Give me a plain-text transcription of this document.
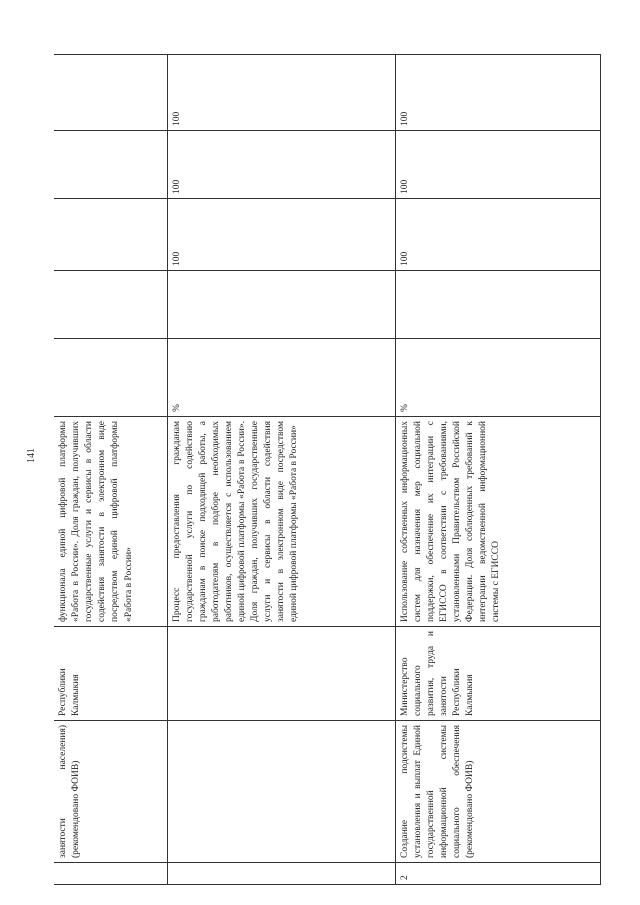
141
	занятости населения) (рекомендовано ФОИВ)	Республики Калмыкия	функционала единой цифровой платформы «Работа в России». Доля граждан, получивших государственные услуги и сервисы в области содействия занятости в электронном виде посредством единой цифровой платформы «Работа в России»					
			Процесс предоставления гражданам государственной услуги по содействию гражданам в поиске подходящей работы, а работодателям в подборе необходимых работников, осуществляется с использованием единой цифровой платформы «Работа в России». Доля граждан, получивших государственные услуги и сервисы в области содействия занятости в электронном виде посредством единой цифровой платформы «Работа в России»	%		100	100	100
2	Создание подсистемы установления и выплат Единой государственной информационной системы социального обеспечения (рекомендовано ФОИВ)	Министерство социального развития, труда и занятости Республики Калмыкия	Использование собственных информационных систем для назначения мер социальной поддержки, обеспечение их интеграции с ЕГИССО в соответствии с требованиями, установленными Правительством Российской Федерации. Доля соблюденных требований к интеграции ведомственной информационной системы с ЕГИССО	%		100	100	100
